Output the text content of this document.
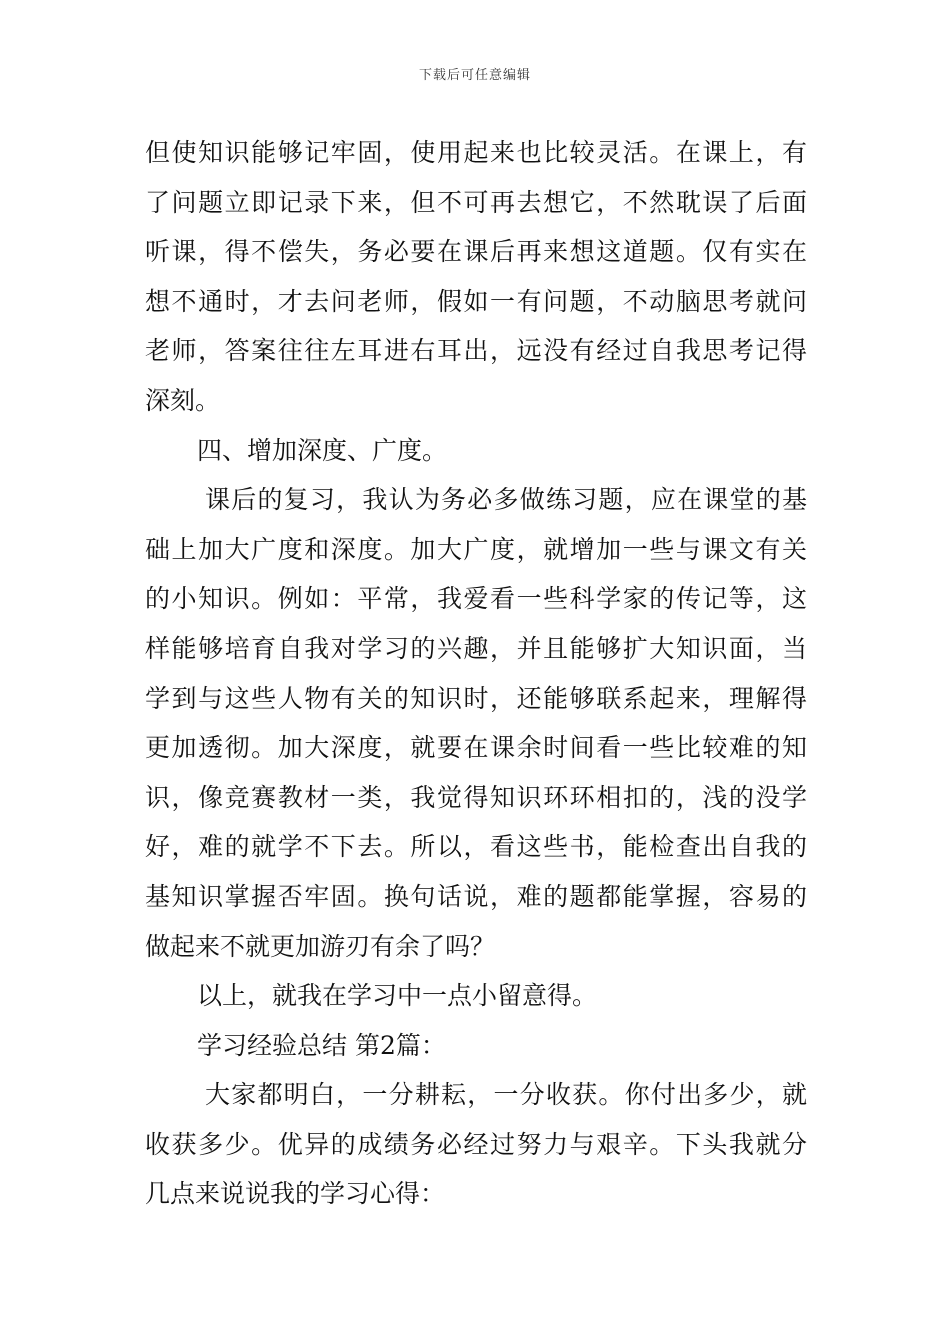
下载后可任意编辑
但使知识能够记牢固，使用起来也比较灵活。在课上，有
了问题立即记录下来，但不可再去想它，不然耽误了后面
听课，得不偿失，务必要在课后再来想这道题。仅有实在
想不通时，才去问老师，假如一有问题，不动脑思考就问
老师，答案往往左耳进右耳出，远没有经过自我思考记得
深刻。
四、增加深度、广度。
课后的复习，我认为务必多做练习题，应在课堂的基
础上加大广度和深度。加大广度，就增加一些与课文有关
的小知识。例如：平常，我爱看一些科学家的传记等，这
样能够培育自我对学习的兴趣，并且能够扩大知识面，当
学到与这些人物有关的知识时，还能够联系起来，理解得
更加透彻。加大深度，就要在课余时间看一些比较难的知
识，像竞赛教材一类，我觉得知识环环相扣的，浅的没学
好，难的就学不下去。所以，看这些书，能检查出自我的
基知识掌握否牢固。换句话说，难的题都能掌握，容易的
做起来不就更加游刃有余了吗？
以上，就我在学习中一点小留意得。
学习经验总结 第2篇：
大家都明白，一分耕耘，一分收获。你付出多少，就
收获多少。优异的成绩务必经过努力与艰辛。下头我就分
几点来说说我的学习心得：
